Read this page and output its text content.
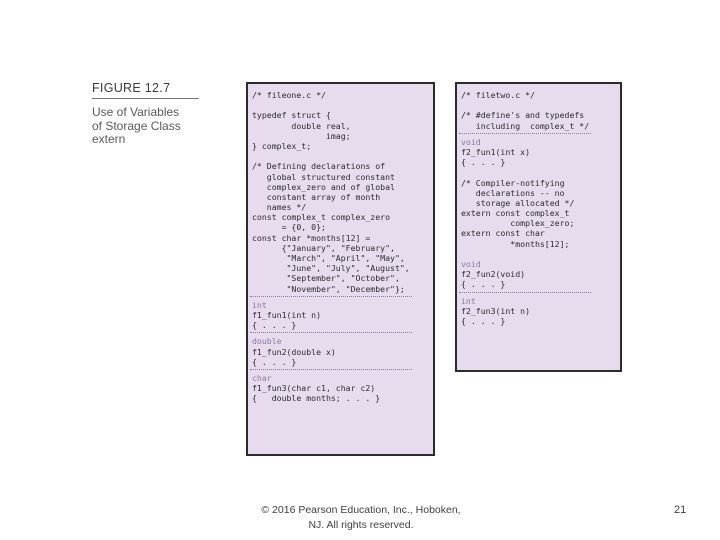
FIGURE 12.7

Use of Variables
of Storage Class
extern
/* fileone.c */
typedef struct {
double real,
imag;
} complex_t;
/* Defining declarations of
global structured constant
complex_zero and of global
constant array of month
names */
const complex_t complex_zero
= {0, 0};
const char *months[12] =
{"January", "February",
"March", "April", "May",
"June", "July", "August",
"September", "October",
"November", "December"};
int
f1_fun1(int n)
{ . . . }
double
f1_fun2(double x)
{ . . . }
char
f1_fun3(char c1, char c2)
{   double months; . . . }
/* filetwo.c */
/* #define's and typedefs
including  complex_t */
void
f2_fun1(int x)
{ . . . }
/* Compiler-notifying
declarations -- no
storage allocated */
extern const complex_t
complex_zero;
extern const char
*months[12];
void
f2_fun2(void)
{ . . . }
int
f2_fun3(int n)
{ . . . }
© 2016 Pearson Education, Inc., Hoboken,
NJ. All rights reserved.
21
